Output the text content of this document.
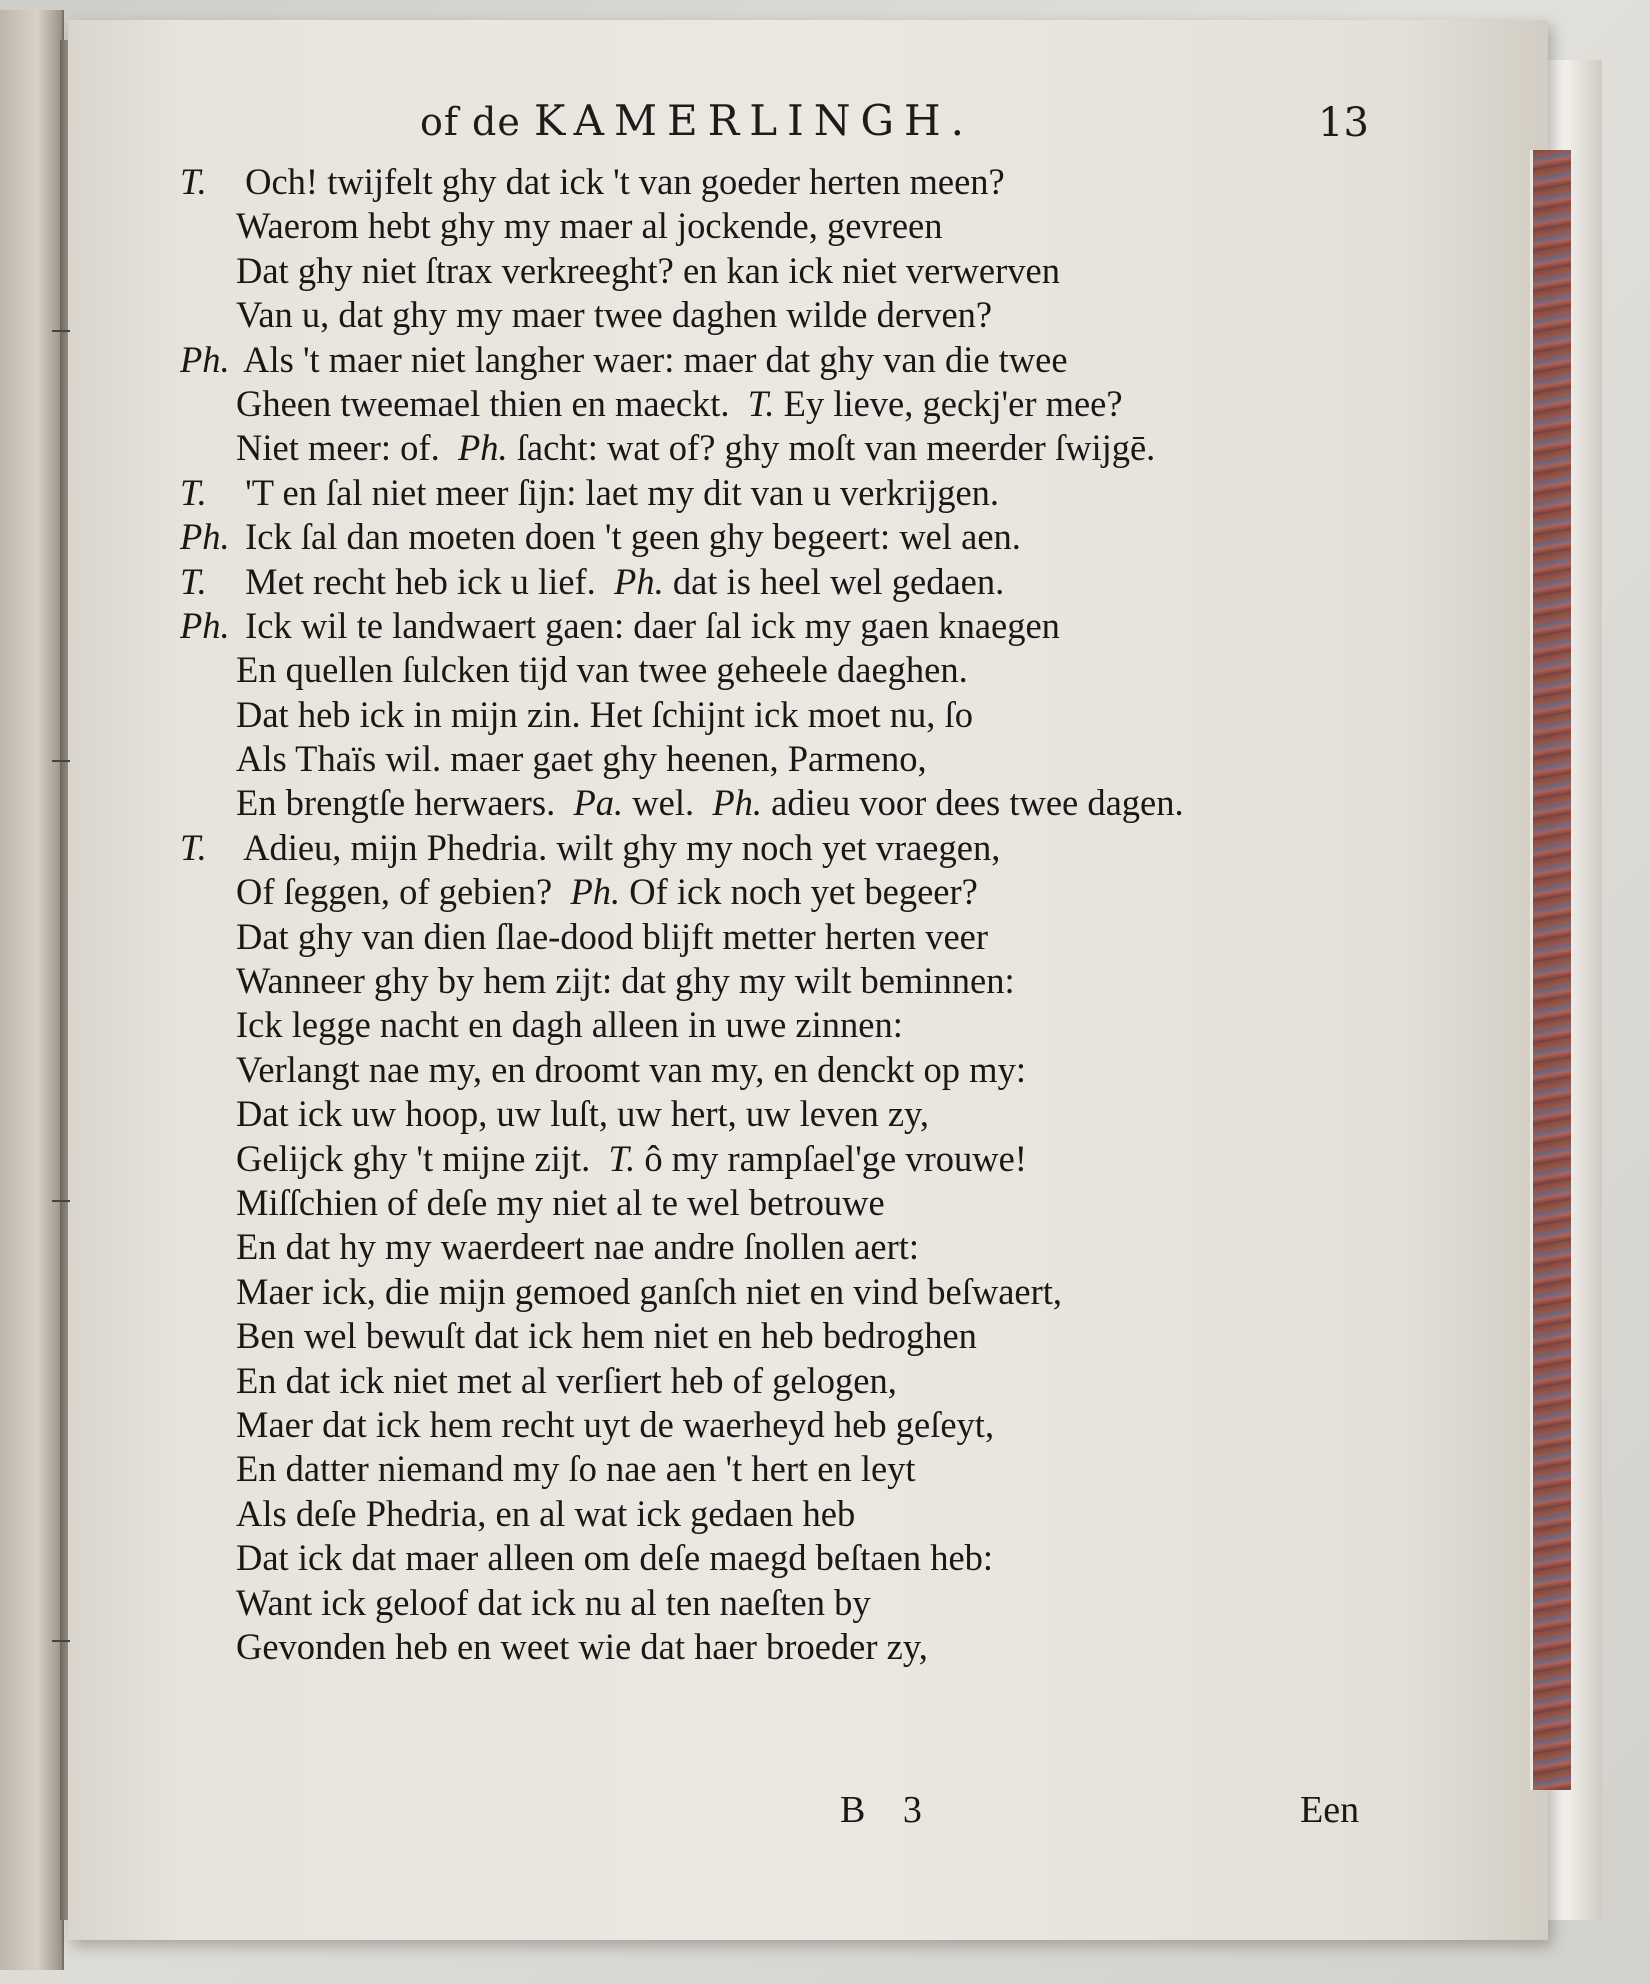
of de KAMERLINGH.	13
T. Och! twijfelt ghy dat ick 't van goeder herten meen?
Waerom hebt ghy my maer al jockende, gevreen
Dat ghy niet ſtrax verkreeght? en kan ick niet verwerven
Van u, dat ghy my maer twee daghen wilde derven?
Ph. Als 't maer niet langher waer: maer dat ghy van die twee
Gheen tweemael thien en maeckt.  T. Ey lieve, geckj'er mee?
Niet meer: of.  Ph. ſacht: wat of? ghy moſt van meerder ſwijgē.
T. 'T en ſal niet meer ſijn: laet my dit van u verkrijgen.
Ph. Ick ſal dan moeten doen 't geen ghy begeert: wel aen.
T. Met recht heb ick u lief.  Ph. dat is heel wel gedaen.
Ph. Ick wil te landwaert gaen: daer ſal ick my gaen knaegen
En quellen ſulcken tijd van twee geheele daeghen.
Dat heb ick in mijn zin. Het ſchijnt ick moet nu, ſo
Als Thaïs wil. maer gaet ghy heenen, Parmeno,
En brengtſe herwaers.  Pa. wel.  Ph. adieu voor dees twee dagen.
T. Adieu, mijn Phedria. wilt ghy my noch yet vraegen,
Of ſeggen, of gebien?  Ph. Of ick noch yet begeer?
Dat ghy van dien ſlae-dood blijft metter herten veer
Wanneer ghy by hem zijt: dat ghy my wilt beminnen:
Ick legge nacht en dagh alleen in uwe zinnen:
Verlangt nae my, en droomt van my, en denckt op my:
Dat ick uw hoop, uw luſt, uw hert, uw leven zy,
Gelijck ghy 't mijne zijt.  T. ô my rampſael'ge vrouwe!
Miſſchien of deſe my niet al te wel betrouwe
En dat hy my waerdeert nae andre ſnollen aert:
Maer ick, die mijn gemoed ganſch niet en vind beſwaert,
Ben wel bewuſt dat ick hem niet en heb bedroghen
En dat ick niet met al verſiert heb of gelogen,
Maer dat ick hem recht uyt de waerheyd heb geſeyt,
En datter niemand my ſo nae aen 't hert en leyt
Als deſe Phedria, en al wat ick gedaen heb
Dat ick dat maer alleen om deſe maegd beſtaen heb:
Want ick geloof dat ick nu al ten naeſten by
Gevonden heb en weet wie dat haer broeder zy,
B 3	Een
